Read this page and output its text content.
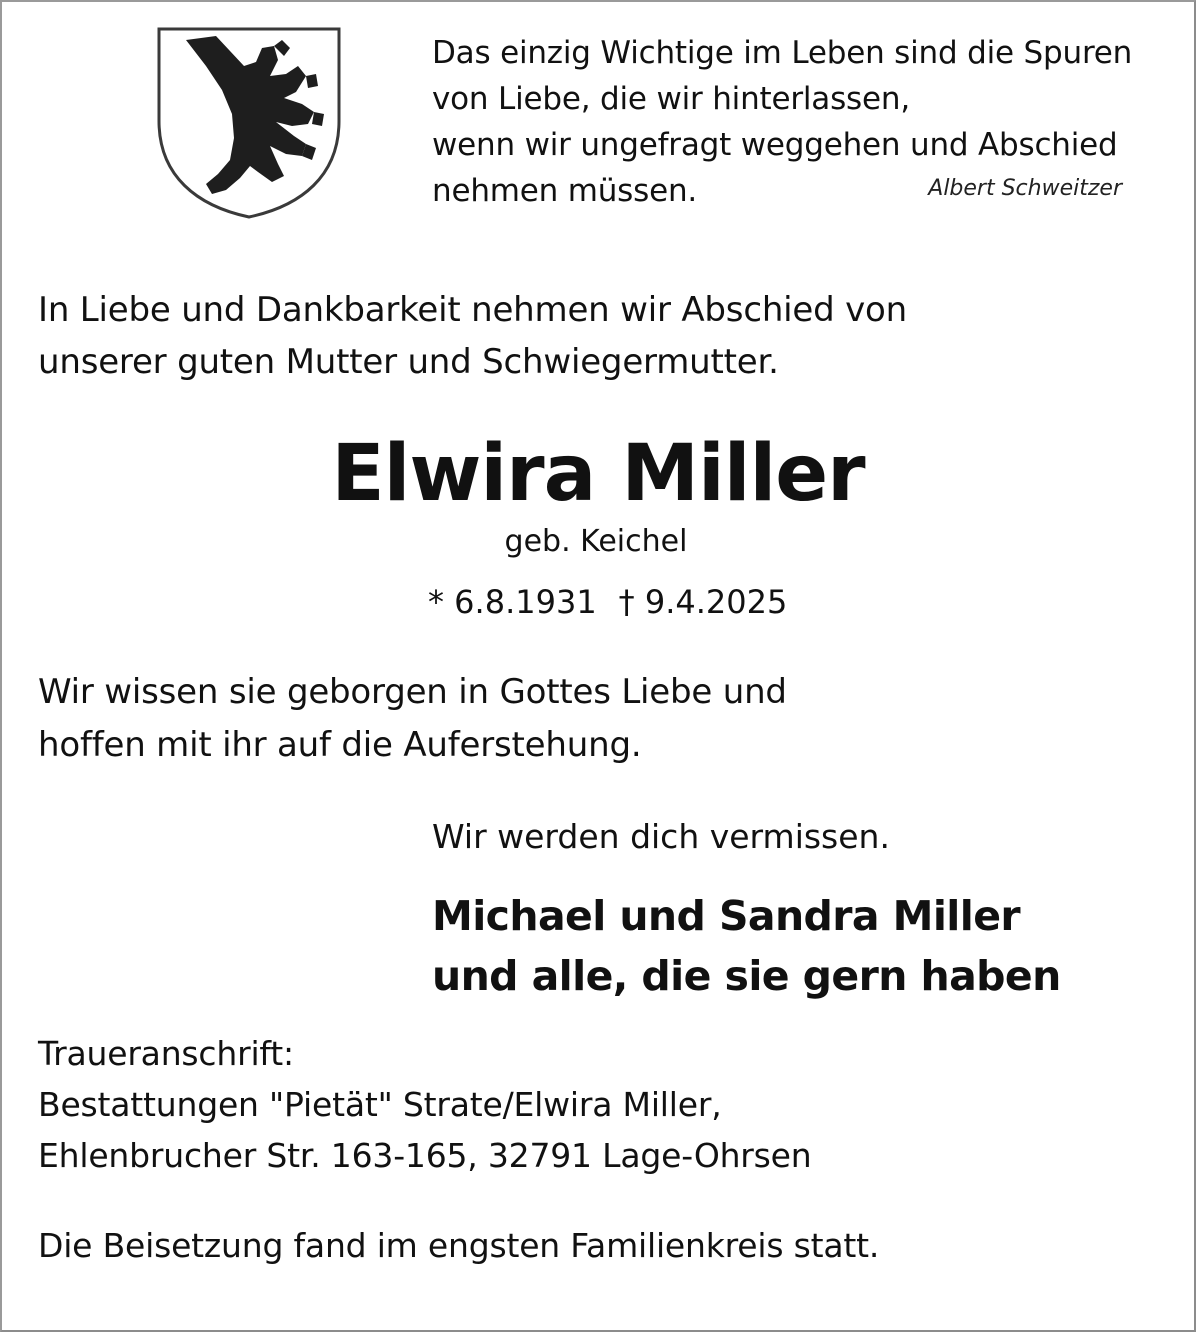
Das einzig Wichtige im Leben sind die Spuren
von Liebe, die wir hinterlassen,
wenn wir ungefragt weggehen und Abschied
nehmen müssen.	Albert Schweitzer
In Liebe und Dankbarkeit nehmen wir Abschied von
unserer guten Mutter und Schwiegermutter.
Elwira Miller
geb. Keichel
* 6.8.1931 † 9.4.2025
Wir wissen sie geborgen in Gottes Liebe und
hoffen mit ihr auf die Auferstehung.
Wir werden dich vermissen.
Michael und Sandra Miller
und alle, die sie gern haben
Traueranschrift:
Bestattungen "Pietät" Strate/Elwira Miller,
Ehlenbrucher Str. 163-165, 32791 Lage-Ohrsen
Die Beisetzung fand im engsten Familienkreis statt.
